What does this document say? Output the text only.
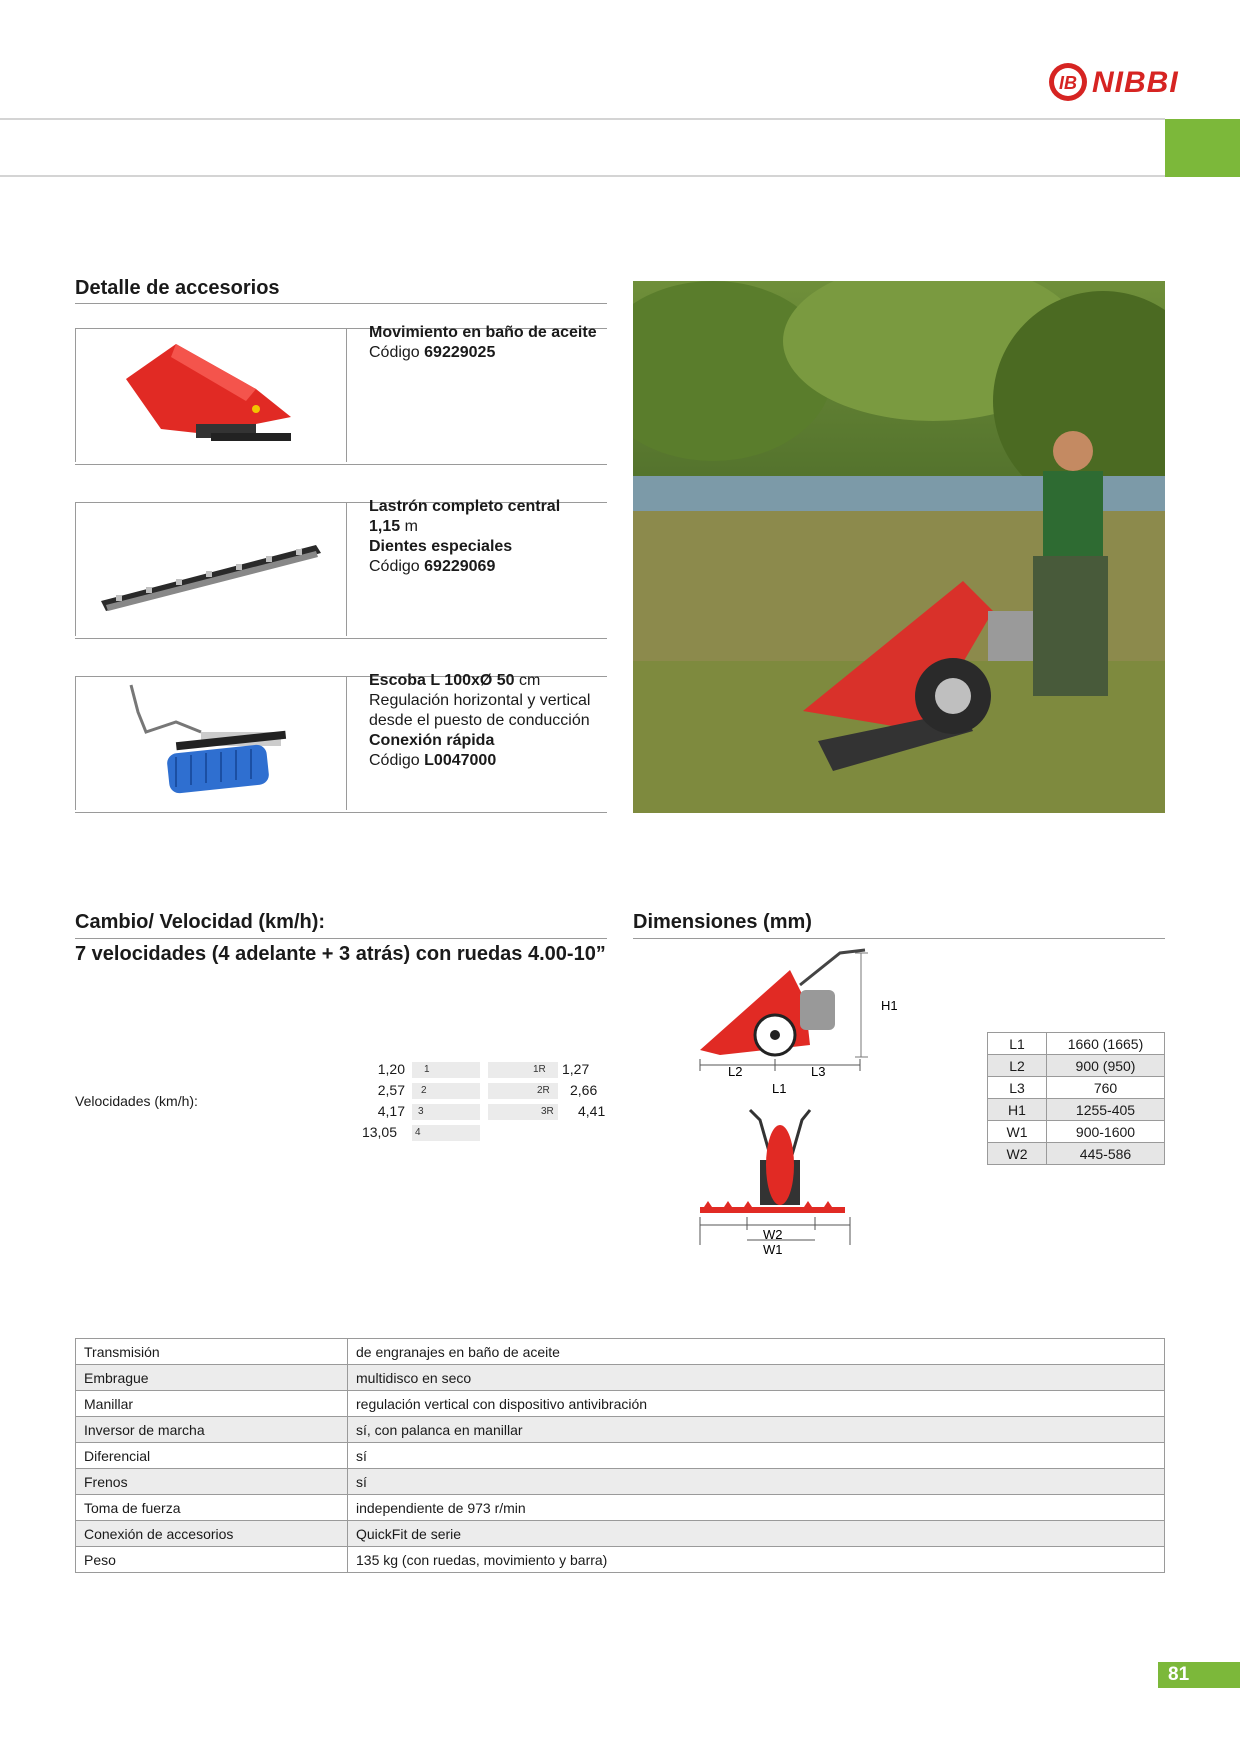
IB NIBBI
Detalle de accesorios
Movimiento en baño de aceite
Código 69229025
Lastrón completo central
1,15 m
Dientes especiales
Código 69229069
Escoba L 100xØ 50 cm
Regulación horizontal y vertical
desde el puesto de conducción
Conexión rápida
Código L0047000
Cambio/ Velocidad (km/h):
7 velocidades (4 adelante + 3 atrás) con ruedas 4.00-10”
Velocidades (km/h):
1
1,20
2
2,57
3
4,17
4
13,05
1R 1,27
2R 2,66
3R 4,41
Dimensiones (mm)
H1
L2	L3
L1
W2
W1
L1	1660 (1665)
L2	900 (950)
L3	760
H1	1255-405
W1	900-1600
W2	445-586
Transmisión	de engranajes en baño de aceite
Embrague	multidisco en seco
Manillar	regulación vertical con dispositivo antivibración
Inversor de marcha	sí, con palanca en manillar
Diferencial	sí
Frenos	sí
Toma de fuerza	independiente de 973 r/min
Conexión de accesorios	QuickFit de serie
Peso	135 kg (con ruedas, movimiento y barra)
81
